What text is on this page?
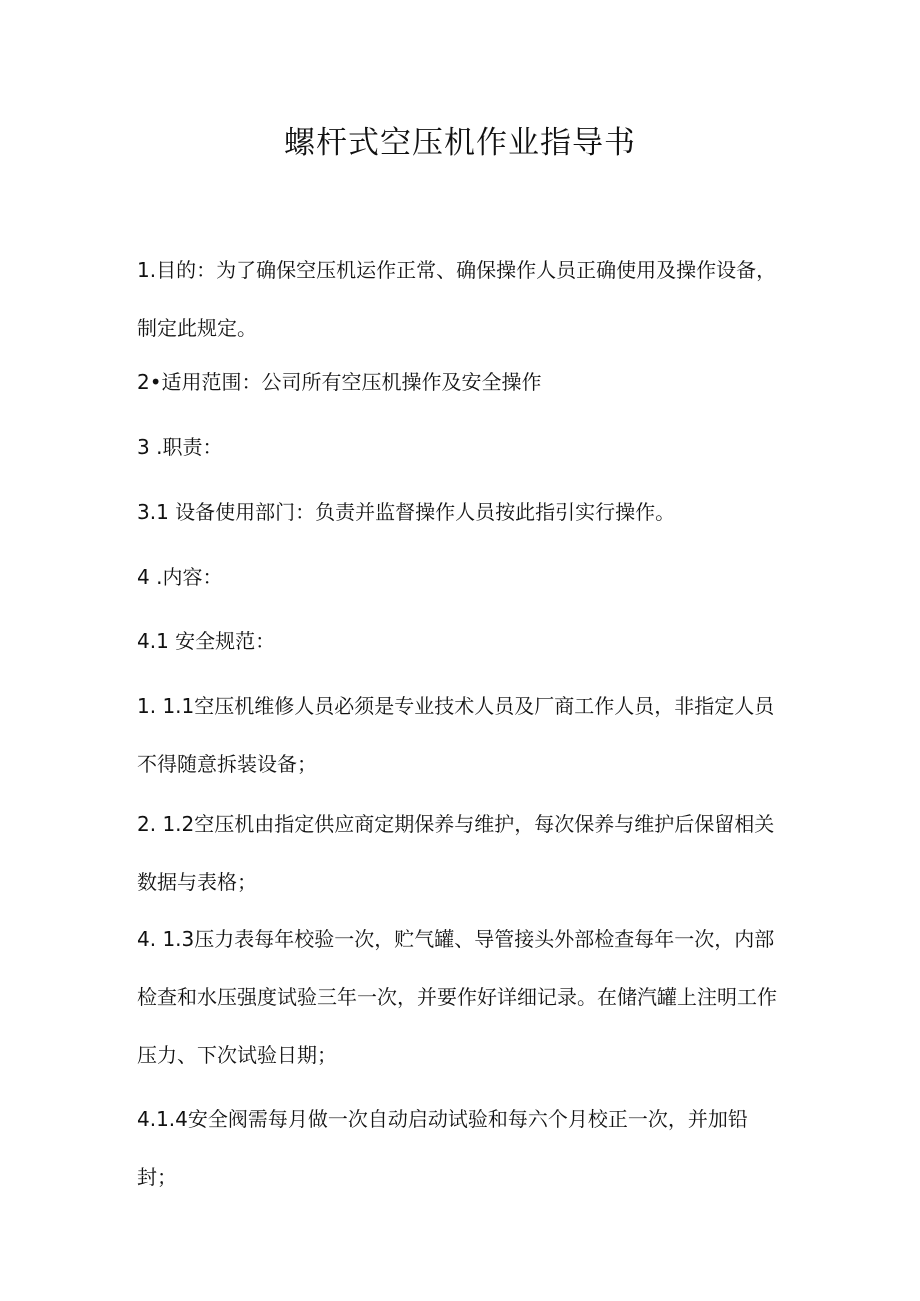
螺杆式空压机作业指导书
1.目的：为了确保空压机运作正常、确保操作人员正确使用及操作设备，
制定此规定。
2•适用范围：公司所有空压机操作及安全操作
3 .职责：
3.1 设备使用部门：负责并监督操作人员按此指引实行操作。
4 .内容：
4.1 安全规范：
1. 1.1空压机维修人员必须是专业技术人员及厂商工作人员，非指定人员
不得随意拆装设备；
2. 1.2空压机由指定供应商定期保养与维护，每次保养与维护后保留相关
数据与表格；
4. 1.3压力表每年校验一次，贮气罐、导管接头外部检查每年一次，内部
检查和水压强度试验三年一次，并要作好详细记录。在储汽罐上注明工作
压力、下次试验日期；
4.1.4安全阀需每月做一次自动启动试验和每六个月校正一次，并加铅
封；
